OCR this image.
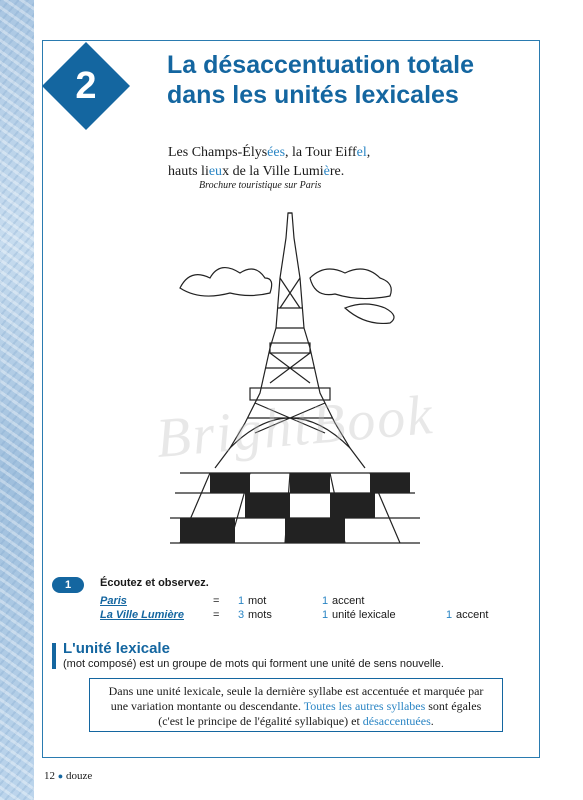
2	La désaccentuation totale
dans les unités lexicales
Les Champs-Élysées, la Tour Eiffel,
hauts lieux de la Ville Lumière.
Brochure touristique sur Paris
BrightBook
1	Écoutez et observez.
Paris	= 1 mot	1 accent
La Ville Lumière	= 3 mots	1 unité lexicale	1 accent
L'unité lexicale
(mot composé) est un groupe de mots qui forment une unité de sens nouvelle.
Dans une unité lexicale, seule la dernière syllabe est accentuée et marquée par une variation montante ou descendante. Toutes les autres syllabes sont égales (c'est le principe de l'égalité syllabique) et désaccentuées.
12 ● douze
